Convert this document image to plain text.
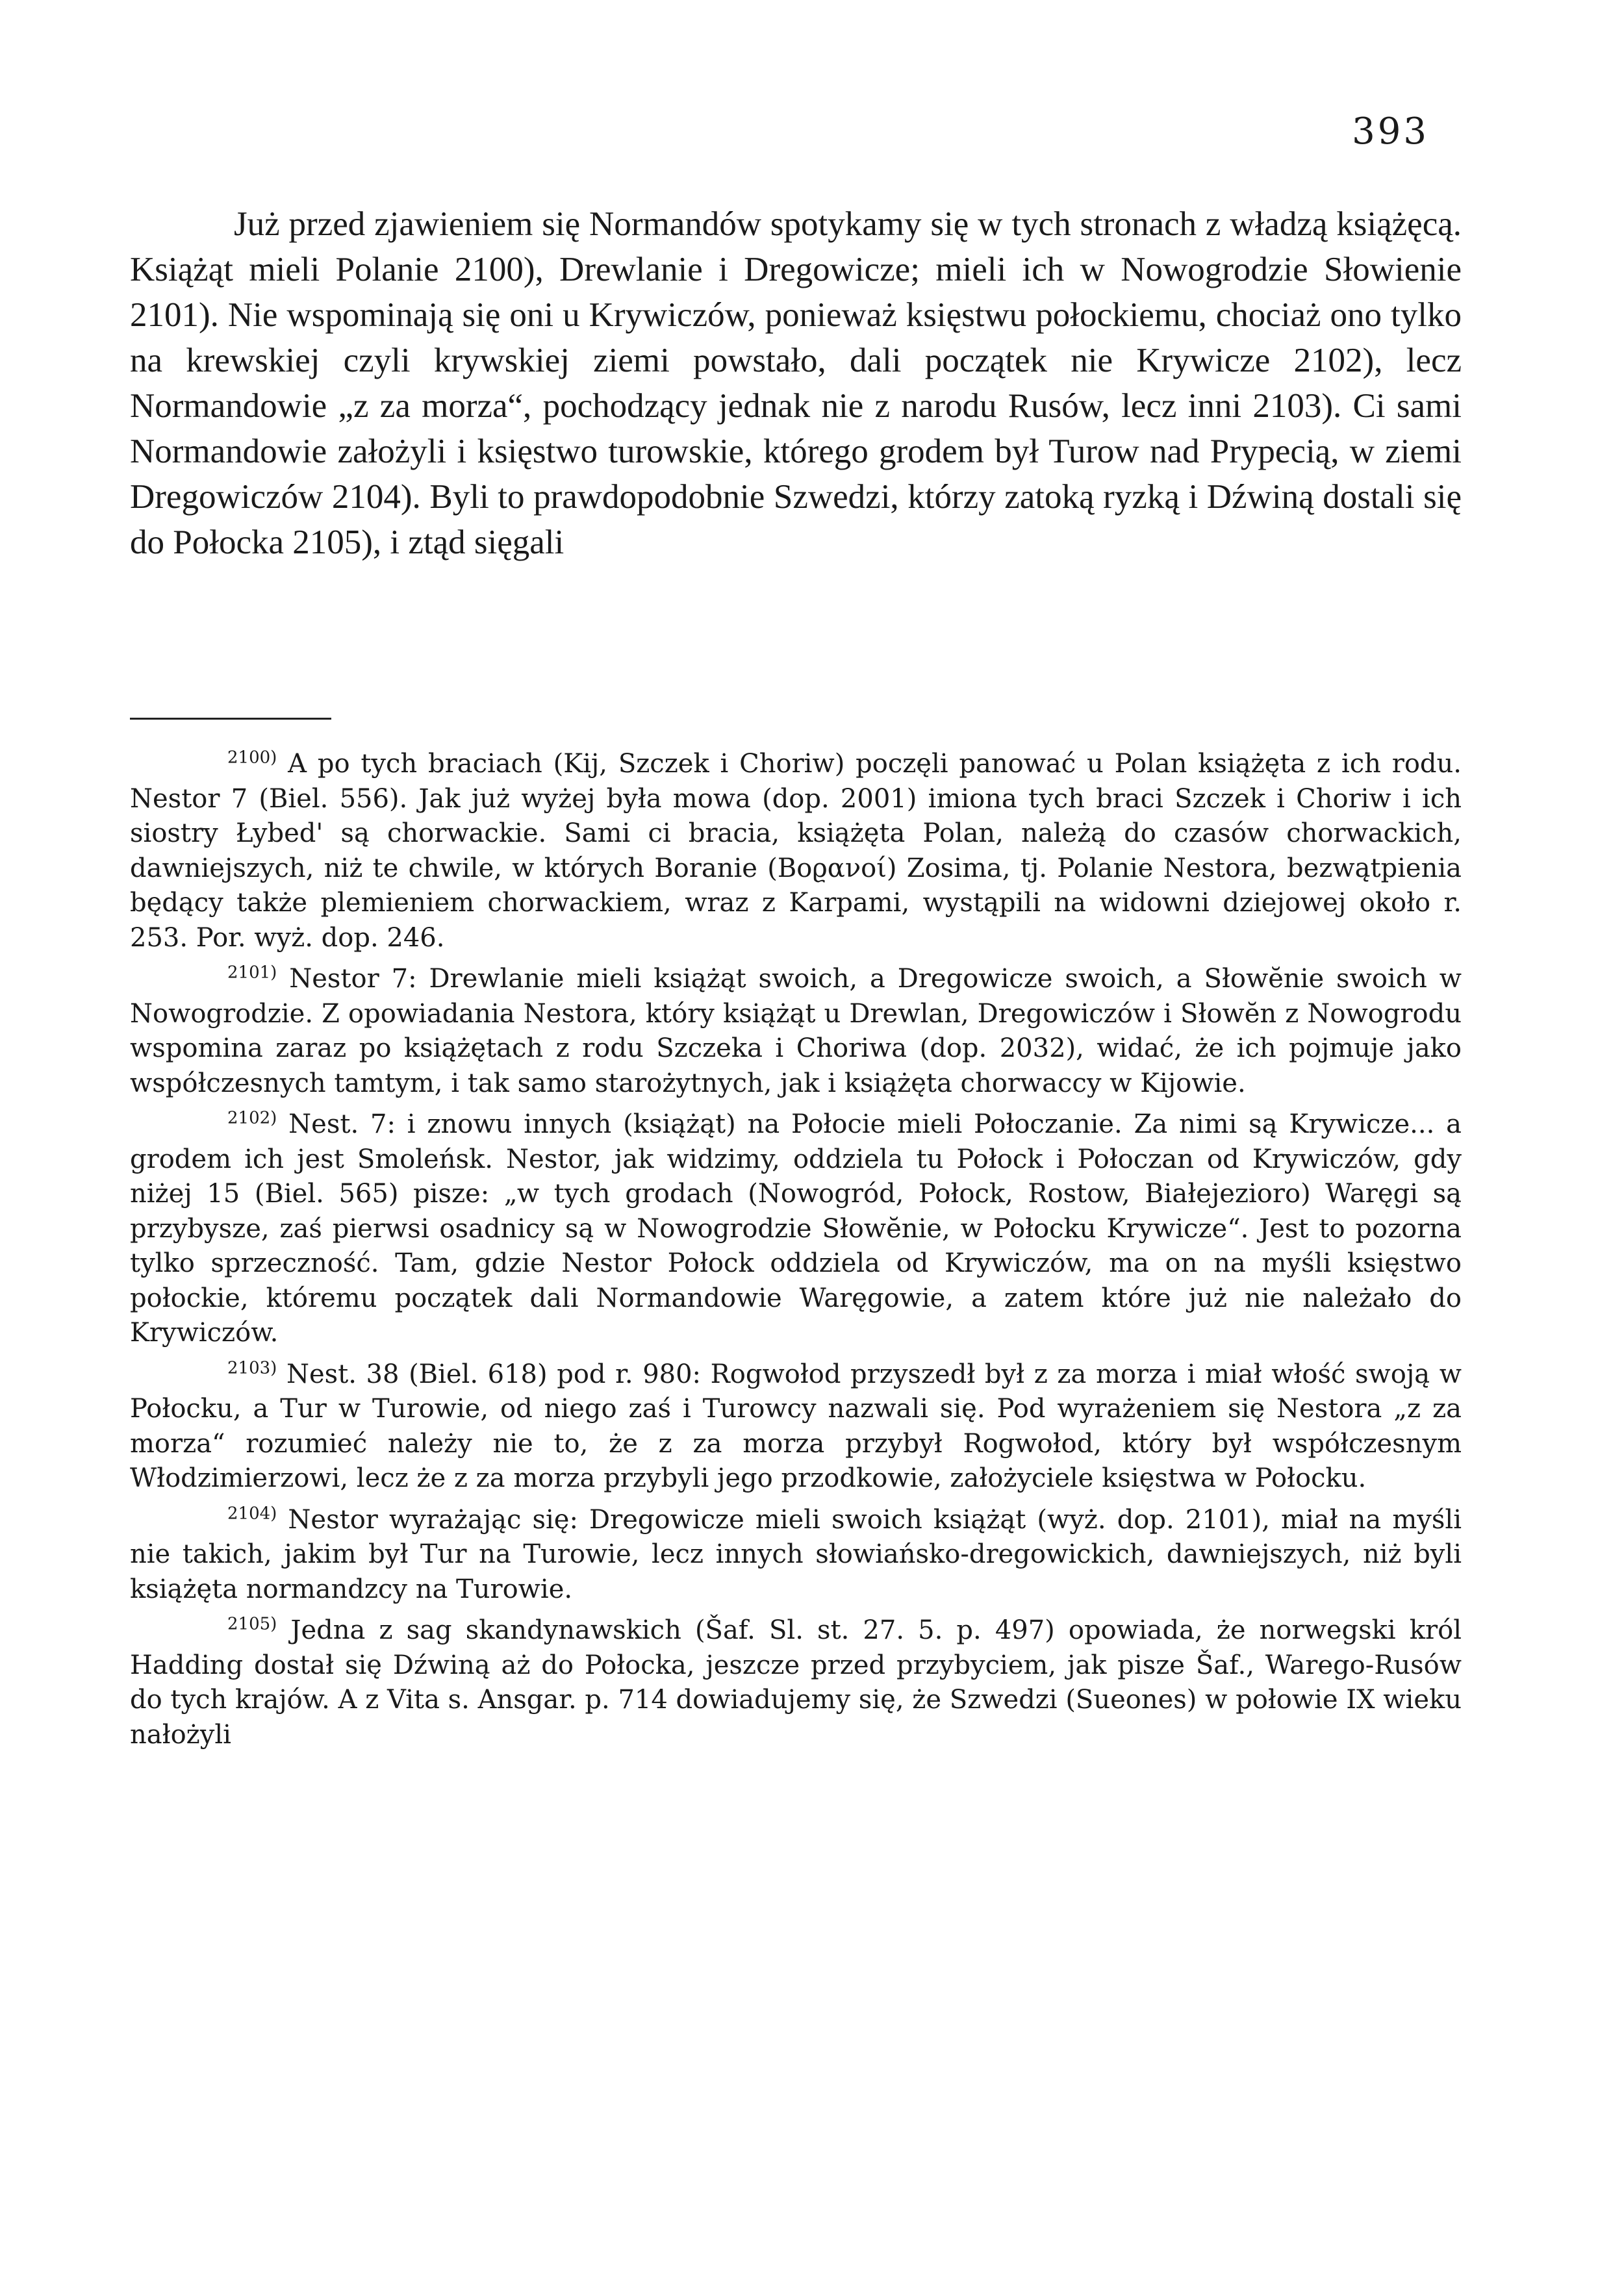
393

Już przed zjawieniem się Normandów spotykamy się w tych stronach z władzą książęcą. Książąt mieli Polanie 2100), Drewlanie i Dregowicze; mieli ich w Nowogrodzie Słowienie 2101). Nie wspominają się oni u Krywiczów, ponieważ księstwu połockiemu, chociaż ono tylko na krewskiej czyli krywskiej ziemi powstało, dali początek nie Krywicze 2102), lecz Normandowie „z za morza“, pochodzący jednak nie z narodu Rusów, lecz inni 2103). Ci sami Normandowie założyli i księstwo turowskie, którego grodem był Turow nad Prypecią, w ziemi Dregowiczów 2104). Byli to prawdopodobnie Szwedzi, którzy zatoką ryzką i Dźwiną dostali się do Połocka 2105), i ztąd sięgali

$^{2100)}$ A po tych braciach (Kij, Szczek i Choriw) poczęli panować u Polan książęta z ich rodu. Nestor 7 (Biel. 556). Jak już wyżej była mowa (dop. 2001) imiona tych braci Szczek i Choriw i ich siostry Łybed' są chorwackie. Sami ci bracia, książęta Polan, należą do czasów chorwackich, dawniejszych, niż te chwile, w których Boranie (Βοϱανοί) Zosima, tj. Polanie Nestora, bezwątpienia będący także plemieniem chorwackiem, wraz z Karpami, wystąpili na widowni dziejowej około r. 253. Por. wyż. dop. 246.

$^{2101)}$ Nestor 7: Drewlanie mieli książąt swoich, a Dregowicze swoich, a Słowĕnie swoich w Nowogrodzie. Z opowiadania Nestora, który książąt u Drewlan, Dregowiczów i Słowĕn z Nowogrodu wspomina zaraz po książętach z rodu Szczeka i Choriwa (dop. 2032), widać, że ich pojmuje jako współczesnych tamtym, i tak samo starożytnych, jak i książęta chorwaccy w Kijowie.

$^{2102)}$ Nest. 7: i znowu innych (książąt) na Połocie mieli Połoczanie. Za nimi są Krywicze... a grodem ich jest Smoleńsk. Nestor, jak widzimy, oddziela tu Połock i Połoczan od Krywiczów, gdy niżej 15 (Biel. 565) pisze: „w tych grodach (Nowogród, Połock, Rostow, Białejezioro) Waręgi są przybysze, zaś pierwsi osadnicy są w Nowogrodzie Słowĕnie, w Połocku Krywicze“. Jest to pozorna tylko sprzeczność. Tam, gdzie Nestor Połock oddziela od Krywiczów, ma on na myśli księstwo połockie, któremu początek dali Normandowie Waręgowie, a zatem które już nie należało do Krywiczów.

$^{2103)}$ Nest. 38 (Biel. 618) pod r. 980: Rogwołod przyszedł był z za morza i miał włość swoją w Połocku, a Tur w Turowie, od niego zaś i Turowcy nazwali się. Pod wyrażeniem się Nestora „z za morza“ rozumieć należy nie to, że z za morza przybył Rogwołod, który był współczesnym Włodzimierzowi, lecz że z za morza przybyli jego przodkowie, założyciele księstwa w Połocku.

$^{2104)}$ Nestor wyrażając się: Dregowicze mieli swoich książąt (wyż. dop. 2101), miał na myśli nie takich, jakim był Tur na Turowie, lecz innych słowiańsko-dregowickich, dawniejszych, niż byli książęta normandzcy na Turowie.

$^{2105)}$ Jedna z sag skandynawskich (Šaf. Sl. st. 27. 5. p. 497) opowiada, że norwegski król Hadding dostał się Dźwiną aż do Połocka, jeszcze przed przybyciem, jak pisze Šaf., Warego-Rusów do tych krajów. A z Vita s. Ansgar. p. 714 dowiadujemy się, że Szwedzi (Sueones) w połowie IX wieku nałożyli
